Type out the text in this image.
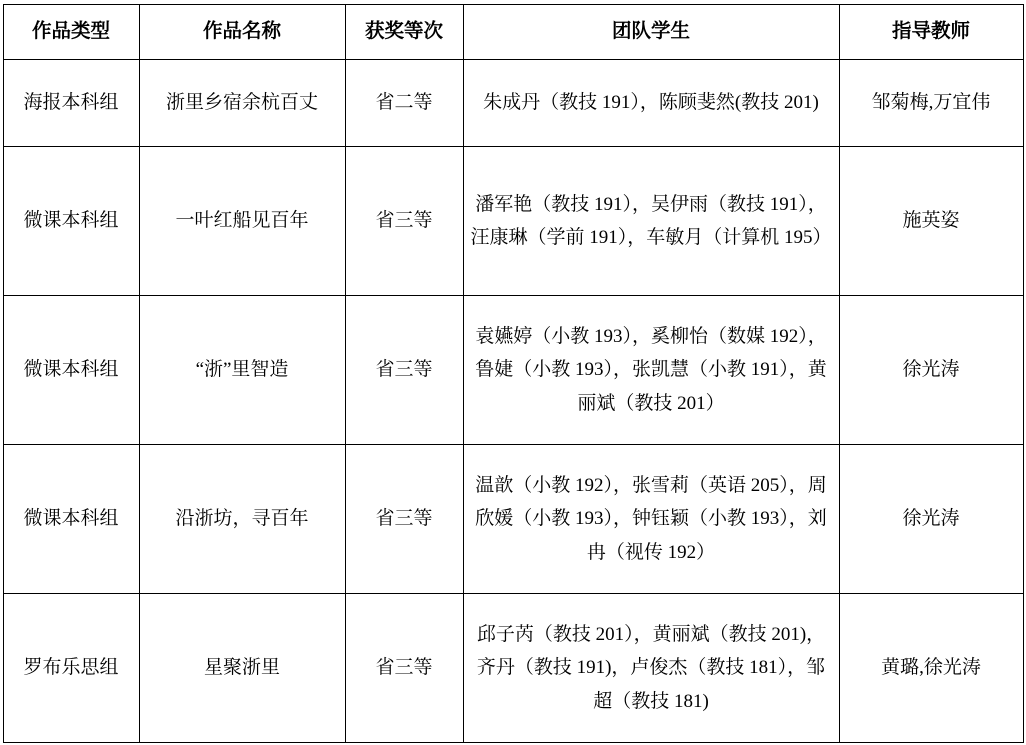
作品类型	作品名称	获奖等次	团队学生	指导教师
海报本科组	浙里乡宿余杭百丈	省二等	朱成丹（教技 191），陈顾斐然(教技 201)	邹菊梅,万宜伟
微课本科组	一叶红船见百年	省三等	潘军艳（教技 191），吴伊雨（教技 191），汪康琳（学前 191），车敏月（计算机 195）	施英姿
微课本科组	“浙”里智造	省三等	袁嬿婷（小教 193），奚柳怡（数媒 192），鲁婕（小教 193），张凯慧（小教 191），黄丽斌（教技 201）	徐光涛
微课本科组	沿浙坊，寻百年	省三等	温歆（小教 192），张雪莉（英语 205），周欣媛（小教 193），钟钰颖（小教 193），刘冉（视传 192）	徐光涛
罗布乐思组	星聚浙里	省三等	邱子芮（教技 201），黄丽斌（教技 201)，齐丹（教技 191)，卢俊杰（教技 181），邹超（教技 181)	黄璐,徐光涛
